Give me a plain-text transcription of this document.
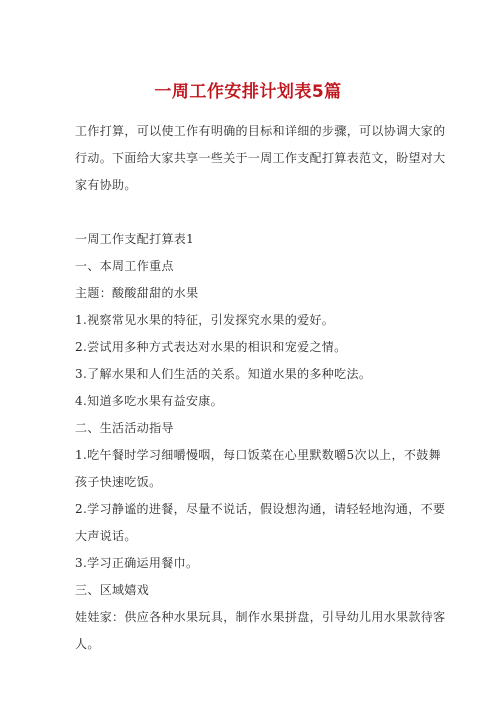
一周工作安排计划表5篇
工作打算，可以使工作有明确的目标和详细的步骤，可以协调大家的
行动。下面给大家共享一些关于一周工作支配打算表范文，盼望对大
家有协助。
一周工作支配打算表1
一、本周工作重点
主题：酸酸甜甜的水果
1.视察常见水果的特征，引发探究水果的爱好。
2.尝试用多种方式表达对水果的相识和宠爱之情。
3.了解水果和人们生活的关系。知道水果的多种吃法。
4.知道多吃水果有益安康。
二、生活活动指导
1.吃午餐时学习细嚼慢咽，每口饭菜在心里默数嚼5次以上，不鼓舞
孩子快速吃饭。
2.学习静谧的进餐，尽量不说话，假设想沟通，请轻轻地沟通，不要
大声说话。
3.学习正确运用餐巾。
三、区域嬉戏
娃娃家：供应各种水果玩具，制作水果拼盘，引导幼儿用水果款待客
人。
